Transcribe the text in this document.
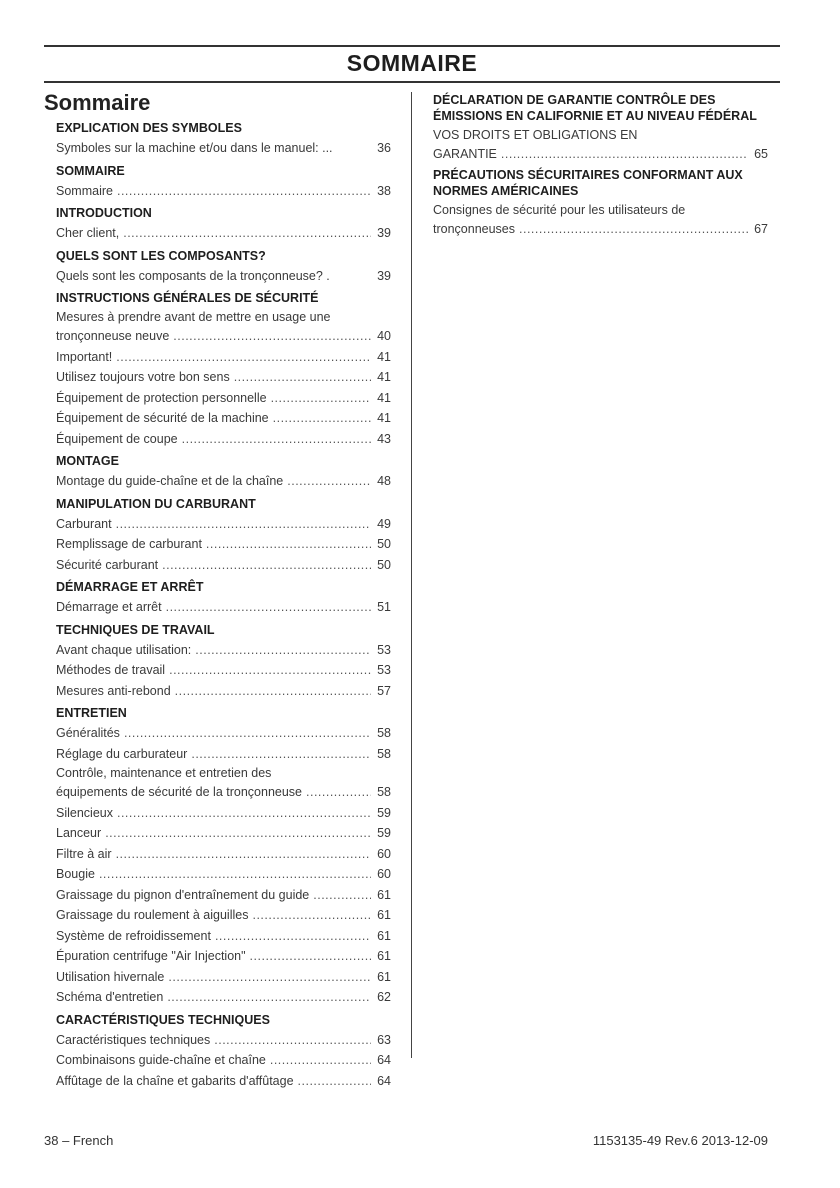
SOMMAIRE
Sommaire
EXPLICATION DES SYMBOLES
Symboles sur la machine et/ou dans le manuel: ...	36
SOMMAIRE
Sommaire .....	38
INTRODUCTION
Cher client, .....	39
QUELS SONT LES COMPOSANTS?
Quels sont les composants de la tronçonneuse? .	39
INSTRUCTIONS GÉNÉRALES DE SÉCURITÉ
Mesures à prendre avant de mettre en usage une
tronçonneuse neuve .....	40
Important! .....	41
Utilisez toujours votre bon sens .....	41
Équipement de protection personnelle .....	41
Équipement de sécurité de la machine .....	41
Équipement de coupe .....	43
MONTAGE
Montage du guide-chaîne et de la chaîne .....	48
MANIPULATION DU CARBURANT
Carburant .....	49
Remplissage de carburant .....	50
Sécurité carburant .....	50
DÉMARRAGE ET ARRÊT
Démarrage et arrêt .....	51
TECHNIQUES DE TRAVAIL
Avant chaque utilisation: .....	53
Méthodes de travail .....	53
Mesures anti-rebond .....	57
ENTRETIEN
Généralités .....	58
Réglage du carburateur .....	58
Contrôle, maintenance et entretien des
équipements de sécurité de la tronçonneuse .....	58
Silencieux .....	59
Lanceur .....	59
Filtre à air .....	60
Bougie .....	60
Graissage du pignon d'entraînement du guide .....	61
Graissage du roulement à aiguilles .....	61
Système de refroidissement .....	61
Épuration centrifuge "Air Injection" .....	61
Utilisation hivernale .....	61
Schéma d'entretien .....	62
CARACTÉRISTIQUES TECHNIQUES
Caractéristiques techniques .....	63
Combinaisons guide-chaîne et chaîne .....	64
Affûtage de la chaîne et gabarits d'affûtage .....	64
DÉCLARATION DE GARANTIE CONTRÔLE DES ÉMISSIONS EN CALIFORNIE ET AU NIVEAU FÉDÉRAL
VOS DROITS ET OBLIGATIONS EN
GARANTIE .....	65
PRÉCAUTIONS SÉCURITAIRES CONFORMANT AUX NORMES AMÉRICAINES
Consignes de sécurité pour les utilisateurs de
tronçonneuses .....	67
38 – French	1153135-49 Rev.6 2013-12-09
